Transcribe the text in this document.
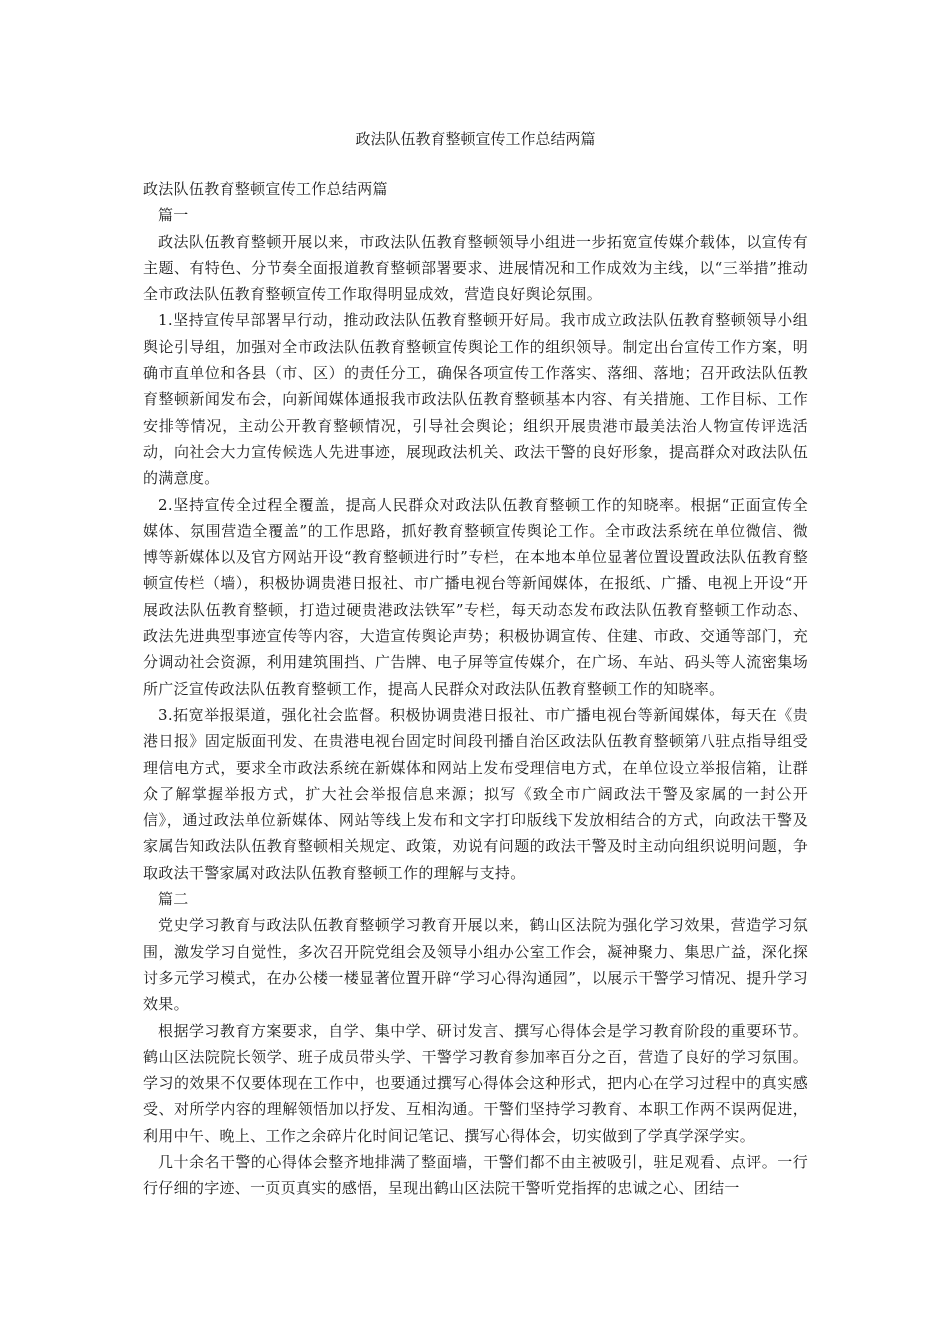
政法队伍教育整顿宣传工作总结两篇

政法队伍教育整顿宣传工作总结两篇

篇一

政法队伍教育整顿开展以来，市政法队伍教育整顿领导小组进一步拓宽宣传媒介载体，以宣传有主题、有特色、分节奏全面报道教育整顿部署要求、进展情况和工作成效为主线，以“三举措”推动全市政法队伍教育整顿宣传工作取得明显成效，营造良好舆论氛围。

1.坚持宣传早部署早行动，推动政法队伍教育整顿开好局。我市成立政法队伍教育整顿领导小组舆论引导组，加强对全市政法队伍教育整顿宣传舆论工作的组织领导。制定出台宣传工作方案，明确市直单位和各县（市、区）的责任分工，确保各项宣传工作落实、落细、落地；召开政法队伍教育整顿新闻发布会，向新闻媒体通报我市政法队伍教育整顿基本内容、有关措施、工作目标、工作安排等情况，主动公开教育整顿情况，引导社会舆论；组织开展贵港市最美法治人物宣传评选活动，向社会大力宣传候选人先进事迹，展现政法机关、政法干警的良好形象，提高群众对政法队伍的满意度。

2.坚持宣传全过程全覆盖，提高人民群众对政法队伍教育整顿工作的知晓率。根据“正面宣传全媒体、氛围营造全覆盖”的工作思路，抓好教育整顿宣传舆论工作。全市政法系统在单位微信、微博等新媒体以及官方网站开设“教育整顿进行时”专栏，在本地本单位显著位置设置政法队伍教育整顿宣传栏（墙），积极协调贵港日报社、市广播电视台等新闻媒体，在报纸、广播、电视上开设“开展政法队伍教育整顿，打造过硬贵港政法铁军”专栏，每天动态发布政法队伍教育整顿工作动态、政法先进典型事迹宣传等内容，大造宣传舆论声势；积极协调宣传、住建、市政、交通等部门，充分调动社会资源，利用建筑围挡、广告牌、电子屏等宣传媒介，在广场、车站、码头等人流密集场所广泛宣传政法队伍教育整顿工作，提高人民群众对政法队伍教育整顿工作的知晓率。

3.拓宽举报渠道，强化社会监督。积极协调贵港日报社、市广播电视台等新闻媒体，每天在《贵港日报》固定版面刊发、在贵港电视台固定时间段刊播自治区政法队伍教育整顿第八驻点指导组受理信电方式，要求全市政法系统在新媒体和网站上发布受理信电方式，在单位设立举报信箱，让群众了解掌握举报方式，扩大社会举报信息来源；拟写《致全市广阔政法干警及家属的一封公开信》，通过政法单位新媒体、网站等线上发布和文字打印版线下发放相结合的方式，向政法干警及家属告知政法队伍教育整顿相关规定、政策，劝说有问题的政法干警及时主动向组织说明问题，争取政法干警家属对政法队伍教育整顿工作的理解与支持。

篇二

党史学习教育与政法队伍教育整顿学习教育开展以来，鹤山区法院为强化学习效果，营造学习氛围，激发学习自觉性，多次召开院党组会及领导小组办公室工作会，凝神聚力、集思广益，深化探讨多元学习模式，在办公楼一楼显著位置开辟“学习心得沟通园”，以展示干警学习情况、提升学习效果。

根据学习教育方案要求，自学、集中学、研讨发言、撰写心得体会是学习教育阶段的重要环节。鹤山区法院院长领学、班子成员带头学、干警学习教育参加率百分之百，营造了良好的学习氛围。学习的效果不仅要体现在工作中，也要通过撰写心得体会这种形式，把内心在学习过程中的真实感受、对所学内容的理解领悟加以抒发、互相沟通。干警们坚持学习教育、本职工作两不误两促进，利用中午、晚上、工作之余碎片化时间记笔记、撰写心得体会，切实做到了学真学深学实。

几十余名干警的心得体会整齐地排满了整面墙，干警们都不由主被吸引，驻足观看、点评。一行行仔细的字迹、一页页真实的感悟，呈现出鹤山区法院干警听党指挥的忠诚之心、团结一
